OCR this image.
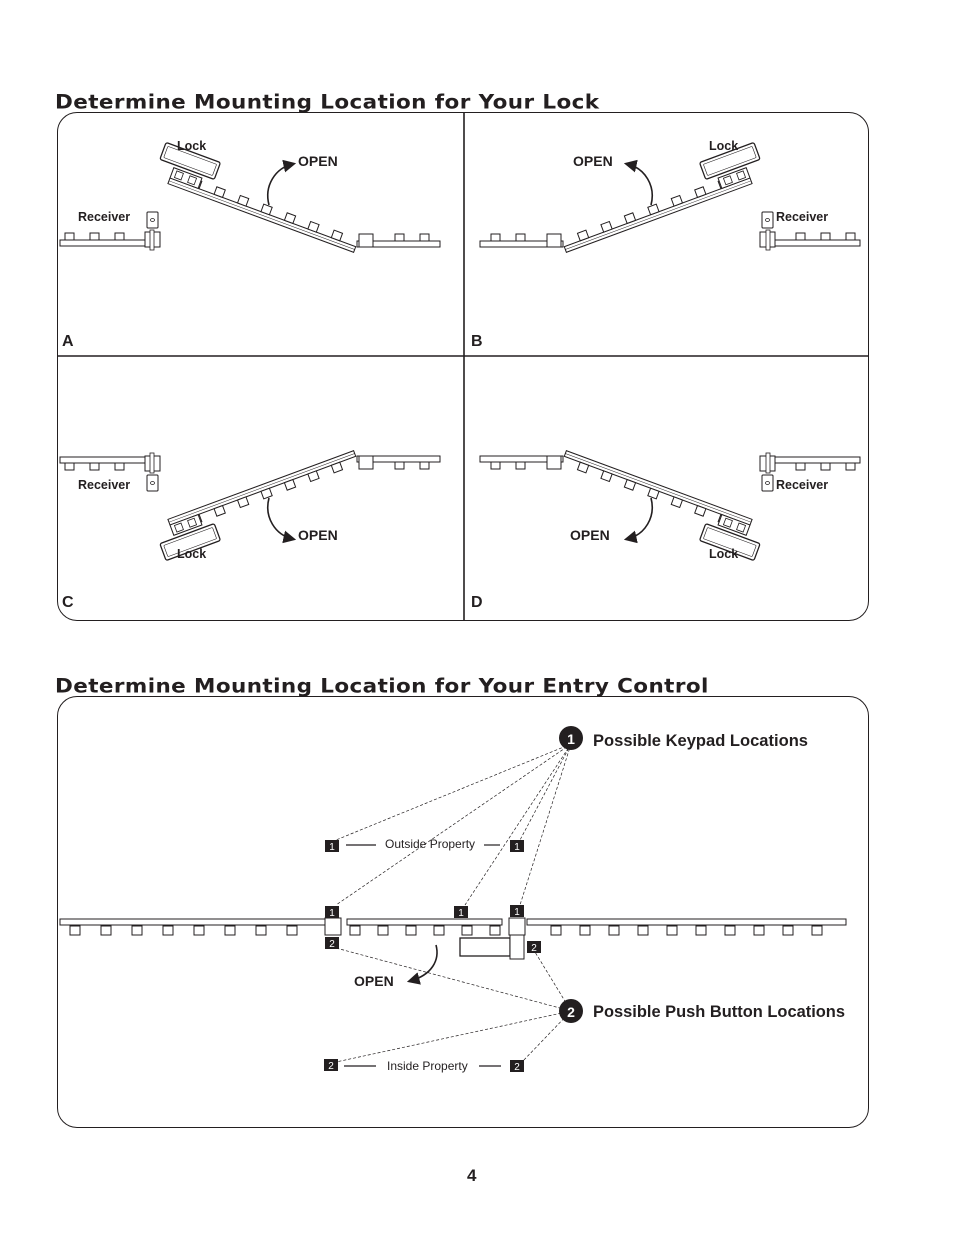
Determine Mounting Location for Your Lock
Determine Mounting Location for Your Entry Control
Lock
OPEN
Receiver
A
Lock
OPEN
Receiver
B
Receiver
OPEN
Lock
C
Receiver
OPEN
Lock
D
1	1
1	1	1
2	2
2	2
1 Possible Keypad Locations
2 Possible Push Button Locations
Outside Property
Inside Property
OPEN
4
